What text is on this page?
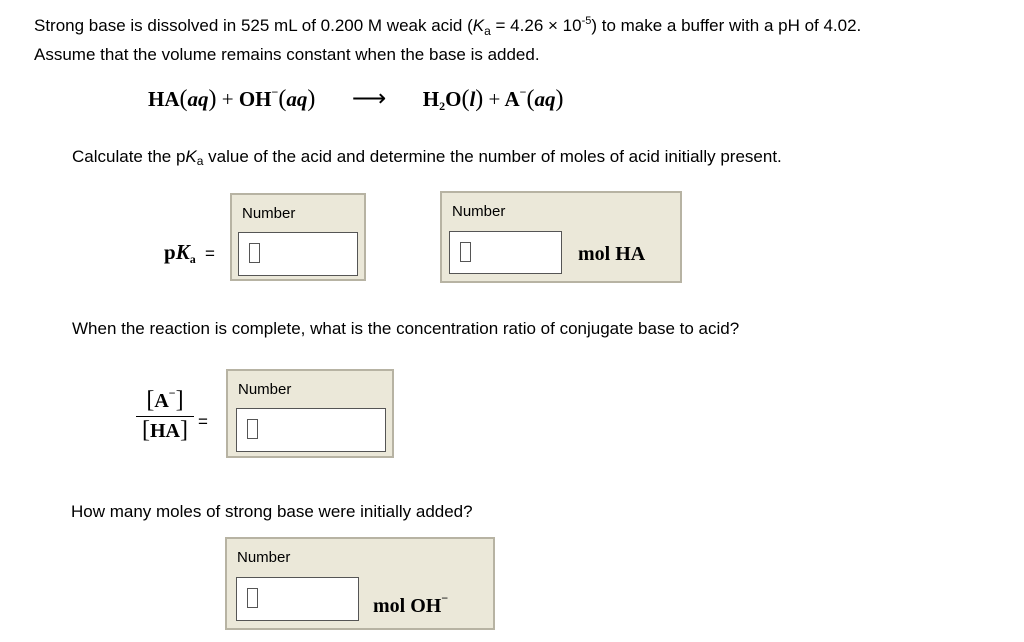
Strong base is dissolved in 525 mL of 0.200 M weak acid $(K_a = 4.26 \times 10^{-5})$ to make a buffer with a pH of 4.02.
Assume that the volume remains constant when the base is added.
HA(aq) + OH−(aq) ⟶ $H_2O(l) + A^-(aq)$
Calculate the pKa value of the acid and determine the number of moles of acid initially present.
$pK_a$ =
Number	Number
mol HA
When the reaction is complete, what is the concentration ratio of conjugate base to acid?
$\frac{[A^-]}{[HA]}$ =
Number
How many moles of strong base were initially added?
Number
mol OH−
